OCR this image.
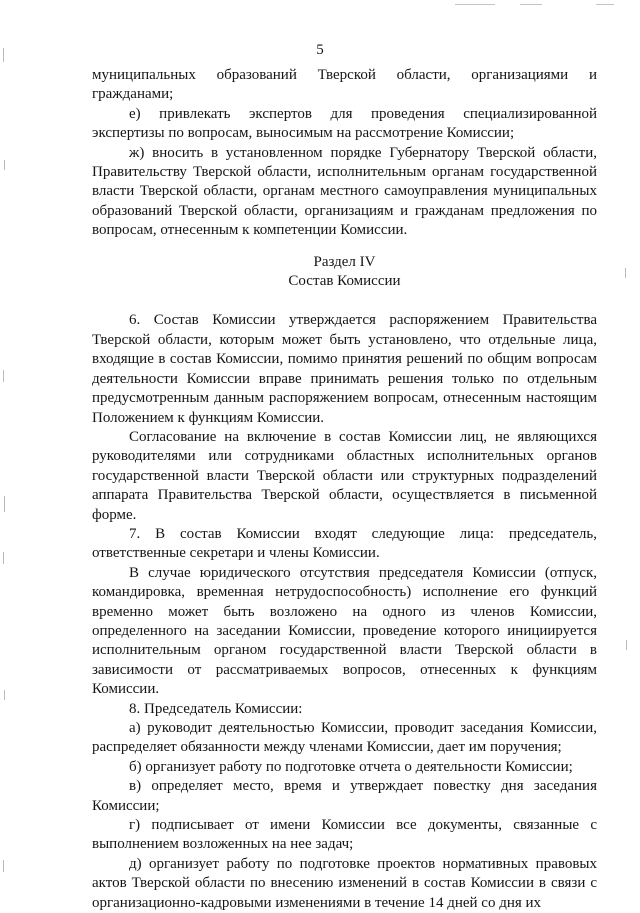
5

муниципальных образований Тверской области, организациями и гражданами;

е) привлекать экспертов для проведения специализированной экспертизы по вопросам, выносимым на рассмотрение Комиссии;

ж) вносить в установленном порядке Губернатору Тверской области, Правительству Тверской области, исполнительным органам государственной власти Тверской области, органам местного самоуправления муниципальных образований Тверской области, организациям и гражданам предложения по вопросам, отнесенным к компетенции Комиссии.

Раздел IV

Состав Комиссии

6. Состав Комиссии утверждается распоряжением Правительства Тверской области, которым может быть установлено, что отдельные лица, входящие в состав Комиссии, помимо принятия решений по общим вопросам деятельности Комиссии вправе принимать решения только по отдельным предусмотренным данным распоряжением вопросам, отнесенным настоящим Положением к функциям Комиссии.

Согласование на включение в состав Комиссии лиц, не являющихся руководителями или сотрудниками областных исполнительных органов государственной власти Тверской области или структурных подразделений аппарата Правительства Тверской области, осуществляется в письменной форме.

7. В состав Комиссии входят следующие лица: председатель, ответственные секретари и члены Комиссии.

В случае юридического отсутствия председателя Комиссии (отпуск, командировка, временная нетрудоспособность) исполнение его функций временно может быть возложено на одного из членов Комиссии, определенного на заседании Комиссии, проведение которого инициируется исполнительным органом государственной власти Тверской области в зависимости от рассматриваемых вопросов, отнесенных к функциям Комиссии.

8. Председатель Комиссии:

а) руководит деятельностью Комиссии, проводит заседания Комиссии, распределяет обязанности между членами Комиссии, дает им поручения;

б) организует работу по подготовке отчета о деятельности Комиссии;

в) определяет место, время и утверждает повестку дня заседания Комиссии;

г) подписывает от имени Комиссии все документы, связанные с выполнением возложенных на нее задач;

д) организует работу по подготовке проектов нормативных правовых актов Тверской области по внесению изменений в состав Комиссии в связи с организационно-кадровыми изменениями в течение 14 дней со дня их
